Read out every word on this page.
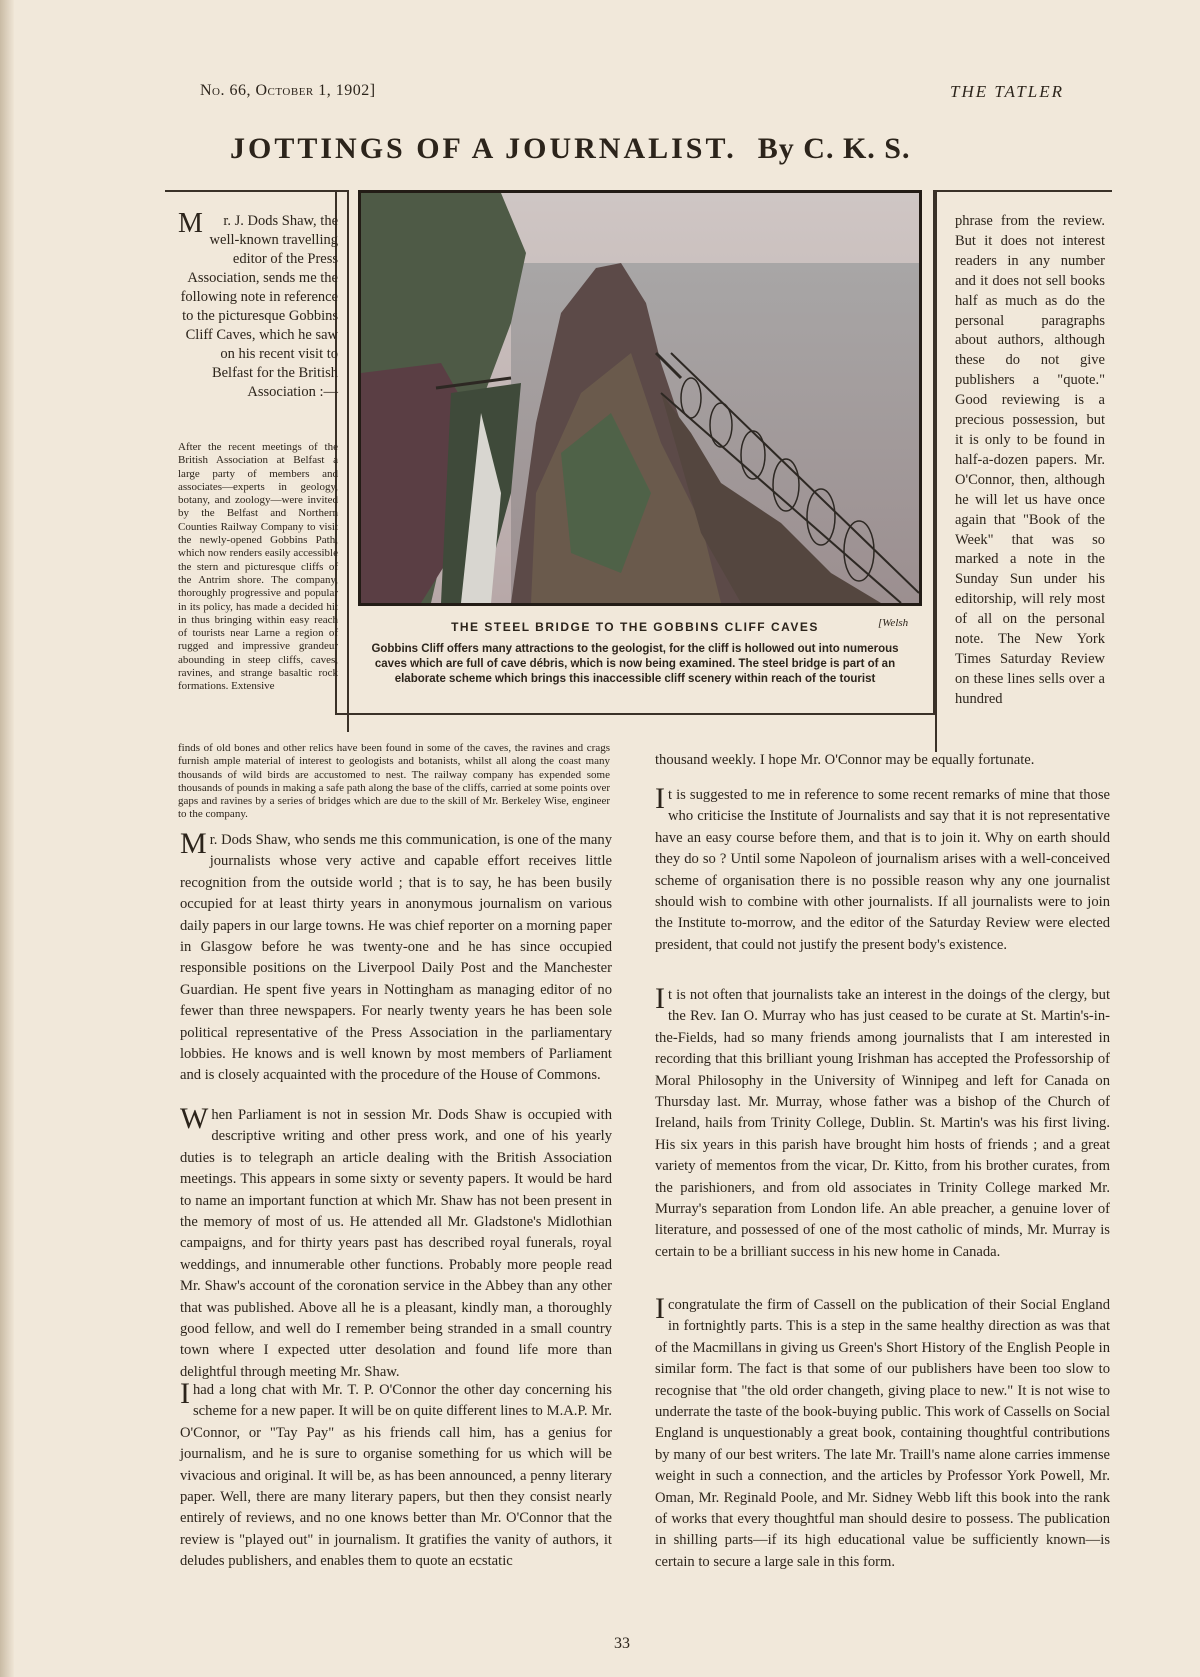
No. 66, October 1, 1902]	THE TATLER
JOTTINGS OF A JOURNALIST. By C. K. S.
THE STEEL BRIDGE TO THE GOBBINS CLIFF CAVES	[Welsh
Gobbins Cliff offers many attractions to the geologist, for the cliff is hollowed out into numerous caves which are full of cave débris, which is now being examined. The steel bridge is part of an elaborate scheme which brings this inaccessible cliff scenery within reach of the tourist
M r. J. Dods Shaw, the well-known travelling editor of the Press Association, sends me the following note in reference to the picturesque Gobbins Cliff Caves, which he saw on his recent visit to Belfast for the British Association :—
After the recent meetings of the British Association at Belfast a large party of members and associates—experts in geology, botany, and zoology—were invited by the Belfast and Northern Counties Railway Company to visit the newly-opened Gobbins Path, which now renders easily accessible the stern and picturesque cliffs of the Antrim shore. The company, thoroughly progressive and popular in its policy, has made a decided hit in thus bringing within easy reach of tourists near Larne a region of rugged and impressive grandeur abounding in steep cliffs, caves, ravines, and strange basaltic rock formations. Extensive
finds of old bones and other relics have been found in some of the caves, the ravines and crags furnish ample material of interest to geologists and botanists, whilst all along the coast many thousands of wild birds are accustomed to nest. The railway company has expended some thousands of pounds in making a safe path along the base of the cliffs, carried at some points over gaps and ravines by a series of bridges which are due to the skill of Mr. Berkeley Wise, engineer to the company.
phrase from the review. But it does not interest readers in any number and it does not sell books half as much as do the personal paragraphs about authors, although these do not give publishers a "quote." Good reviewing is a precious possession, but it is only to be found in half-a-dozen papers. Mr. O'Connor, then, although he will let us have once again that "Book of the Week" that was so marked a note in the Sunday Sun under his editorship, will rely most of all on the personal note. The New York Times Saturday Review on these lines sells over a hundred
Mr. Dods Shaw, who sends me this communication, is one of the many journalists whose very active and capable effort receives little recognition from the outside world ; that is to say, he has been busily occupied for at least thirty years in anonymous journalism on various daily papers in our large towns. He was chief reporter on a morning paper in Glasgow before he was twenty-one and he has since occupied responsible positions on the Liverpool Daily Post and the Manchester Guardian. He spent five years in Nottingham as managing editor of no fewer than three newspapers. For nearly twenty years he has been sole political representative of the Press Association in the parliamentary lobbies. He knows and is well known by most members of Parliament and is closely acquainted with the procedure of the House of Commons.
When Parliament is not in session Mr. Dods Shaw is occupied with descriptive writing and other press work, and one of his yearly duties is to telegraph an article dealing with the British Association meetings. This appears in some sixty or seventy papers. It would be hard to name an important function at which Mr. Shaw has not been present in the memory of most of us. He attended all Mr. Gladstone's Midlothian campaigns, and for thirty years past has described royal funerals, royal weddings, and innumerable other functions. Probably more people read Mr. Shaw's account of the coronation service in the Abbey than any other that was published. Above all he is a pleasant, kindly man, a thoroughly good fellow, and well do I remember being stranded in a small country town where I expected utter desolation and found life more than delightful through meeting Mr. Shaw.
Ihad a long chat with Mr. T. P. O'Connor the other day concerning his scheme for a new paper. It will be on quite different lines to M.A.P. Mr. O'Connor, or "Tay Pay" as his friends call him, has a genius for journalism, and he is sure to organise something for us which will be vivacious and original. It will be, as has been announced, a penny literary paper. Well, there are many literary papers, but then they consist nearly entirely of reviews, and no one knows better than Mr. O'Connor that the review is "played out" in journalism. It gratifies the vanity of authors, it deludes publishers, and enables them to quote an ecstatic
thousand weekly. I hope Mr. O'Connor may be equally fortunate.
It is suggested to me in reference to some recent remarks of mine that those who criticise the Institute of Journalists and say that it is not representative have an easy course before them, and that is to join it. Why on earth should they do so ? Until some Napoleon of journalism arises with a well-conceived scheme of organisation there is no possible reason why any one journalist should wish to combine with other journalists. If all journalists were to join the Institute to-morrow, and the editor of the Saturday Review were elected president, that could not justify the present body's existence.
It is not often that journalists take an interest in the doings of the clergy, but the Rev. Ian O. Murray who has just ceased to be curate at St. Martin's-in-the-Fields, had so many friends among journalists that I am interested in recording that this brilliant young Irishman has accepted the Professorship of Moral Philosophy in the University of Winnipeg and left for Canada on Thursday last. Mr. Murray, whose father was a bishop of the Church of Ireland, hails from Trinity College, Dublin. St. Martin's was his first living. His six years in this parish have brought him hosts of friends ; and a great variety of mementos from the vicar, Dr. Kitto, from his brother curates, from the parishioners, and from old associates in Trinity College marked Mr. Murray's separation from London life. An able preacher, a genuine lover of literature, and possessed of one of the most catholic of minds, Mr. Murray is certain to be a brilliant success in his new home in Canada.
Icongratulate the firm of Cassell on the publication of their Social England in fortnightly parts. This is a step in the same healthy direction as was that of the Macmillans in giving us Green's Short History of the English People in similar form. The fact is that some of our publishers have been too slow to recognise that "the old order changeth, giving place to new." It is not wise to underrate the taste of the book-buying public. This work of Cassells on Social England is unquestionably a great book, containing thoughtful contributions by many of our best writers. The late Mr. Traill's name alone carries immense weight in such a connection, and the articles by Professor York Powell, Mr. Oman, Mr. Reginald Poole, and Mr. Sidney Webb lift this book into the rank of works that every thoughtful man should desire to possess. The publication in shilling parts—if its high educational value be sufficiently known—is certain to secure a large sale in this form.
33
